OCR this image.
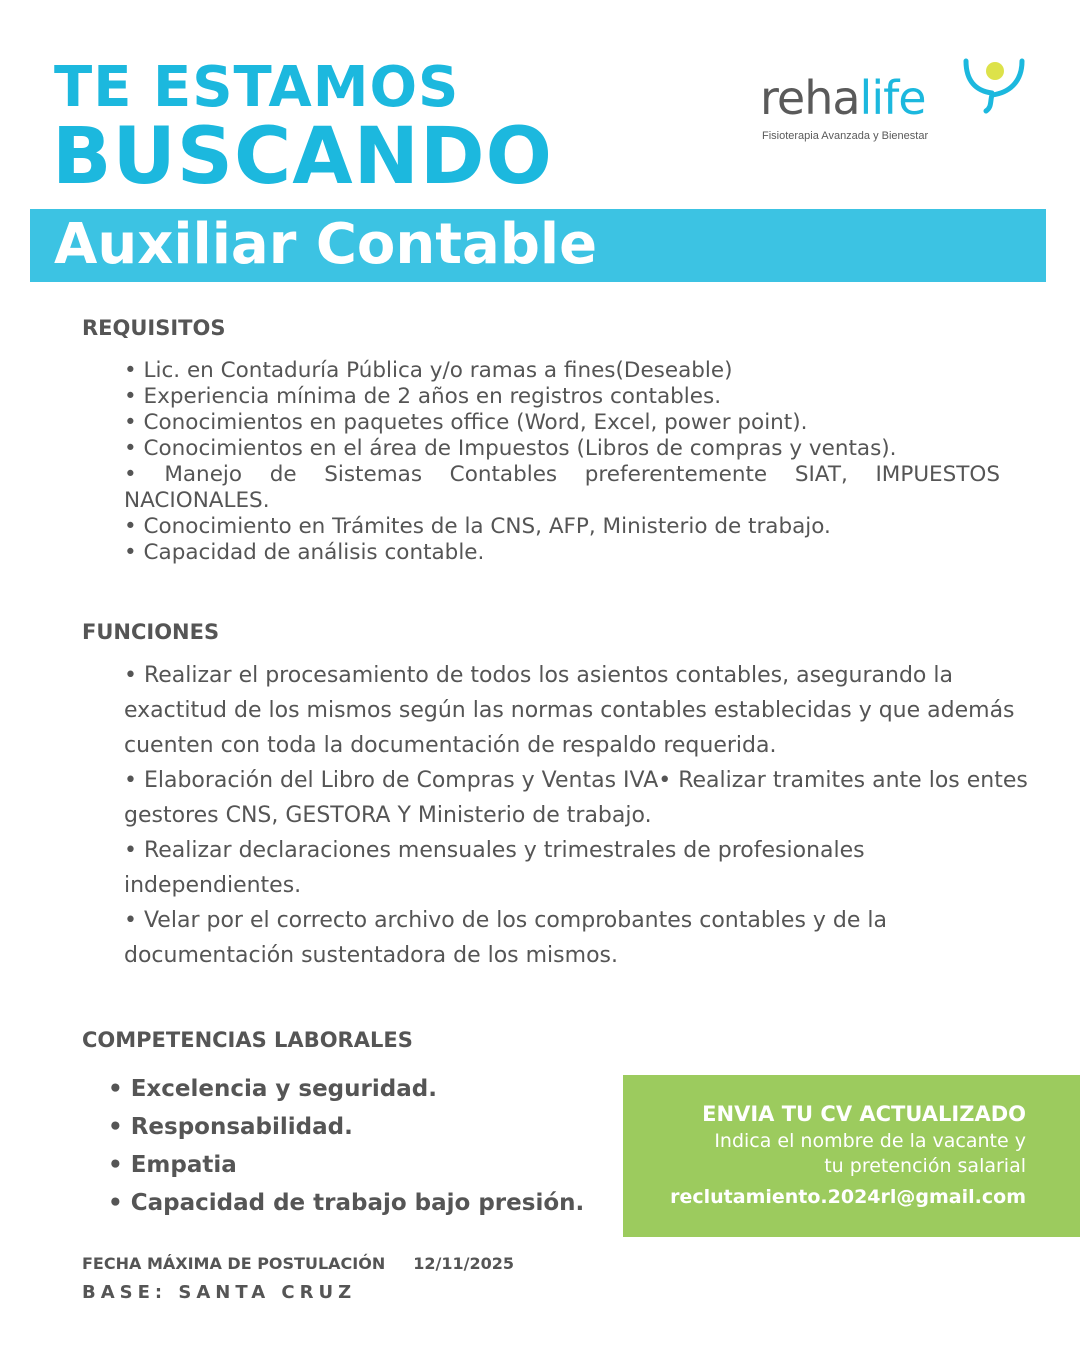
TE ESTAMOS
BUSCANDO
rehalife
Fisioterapia Avanzada y Bienestar
Auxiliar Contable
REQUISITOS
• Lic. en Contaduría Pública y/o ramas a fines(Deseable)
• Experiencia mínima de 2 años en registros contables.
• Conocimientos en paquetes office (Word, Excel, power point).
• Conocimientos en el área de Impuestos (Libros de compras y ventas).
• Manejo de Sistemas Contables preferentemente SIAT, IMPUESTOS NACIONALES.
• Conocimiento en Trámites de la CNS, AFP, Ministerio de trabajo.
• Capacidad de análisis contable.
FUNCIONES
• Realizar el procesamiento de todos los asientos contables, asegurando la exactitud de los mismos según las normas contables establecidas y que además cuenten con toda la documentación de respaldo requerida.
• Elaboración del Libro de Compras y Ventas IVA• Realizar tramites ante los entes gestores CNS, GESTORA Y Ministerio de trabajo.
• Realizar declaraciones mensuales y trimestrales de profesionales independientes.
• Velar por el correcto archivo de los comprobantes contables y de la documentación sustentadora de los mismos.
COMPETENCIAS LABORALES
• Excelencia y seguridad.
• Responsabilidad.
• Empatia
• Capacidad de trabajo bajo presión.
ENVIA TU CV ACTUALIZADO
Indica el nombre de la vacante y
tu pretención salarial
reclutamiento.2024rl@gmail.com
FECHA MÁXIMA DE POSTULACIÓN 12/11/2025
BASE: SANTA CRUZ
